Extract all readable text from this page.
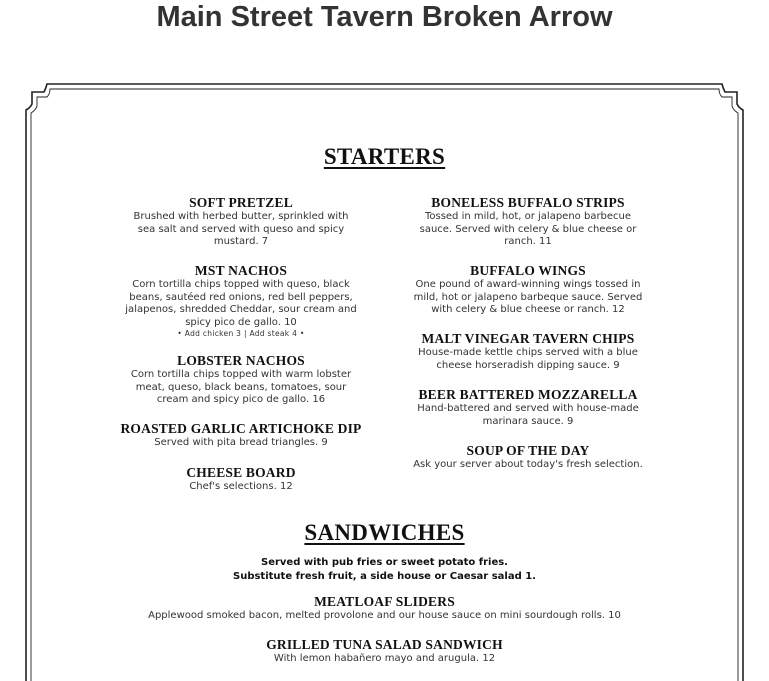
Main Street Tavern Broken Arrow
STARTERS
SOFT PRETZEL
Brushed with herbed butter, sprinkled with sea salt and served with queso and spicy mustard. 7
MST NACHOS
Corn tortilla chips topped with queso, black beans, sautéed red onions, red bell peppers, jalapenos, shredded Cheddar, sour cream and spicy pico de gallo. 10
• Add chicken 3 | Add steak 4 •
LOBSTER NACHOS
Corn tortilla chips topped with warm lobster meat, queso, black beans, tomatoes, sour cream and spicy pico de gallo. 16
ROASTED GARLIC ARTICHOKE DIP
Served with pita bread triangles. 9
CHEESE BOARD
Chef's selections. 12
BONELESS BUFFALO STRIPS
Tossed in mild, hot, or jalapeno barbecue sauce. Served with celery & blue cheese or ranch. 11
BUFFALO WINGS
One pound of award-winning wings tossed in mild, hot or jalapeno barbeque sauce. Served with celery & blue cheese or ranch. 12
MALT VINEGAR TAVERN CHIPS
House-made kettle chips served with a blue cheese horseradish dipping sauce. 9
BEER BATTERED MOZZARELLA
Hand-battered and served with house-made marinara sauce. 9
SOUP OF THE DAY
Ask your server about today's fresh selection.
SANDWICHES
Served with pub fries or sweet potato fries.
Substitute fresh fruit, a side house or Caesar salad 1.
MEATLOAF SLIDERS
Applewood smoked bacon, melted provolone and our house sauce on mini sourdough rolls. 10
GRILLED TUNA SALAD SANDWICH
With lemon habañero mayo and arugula. 12
